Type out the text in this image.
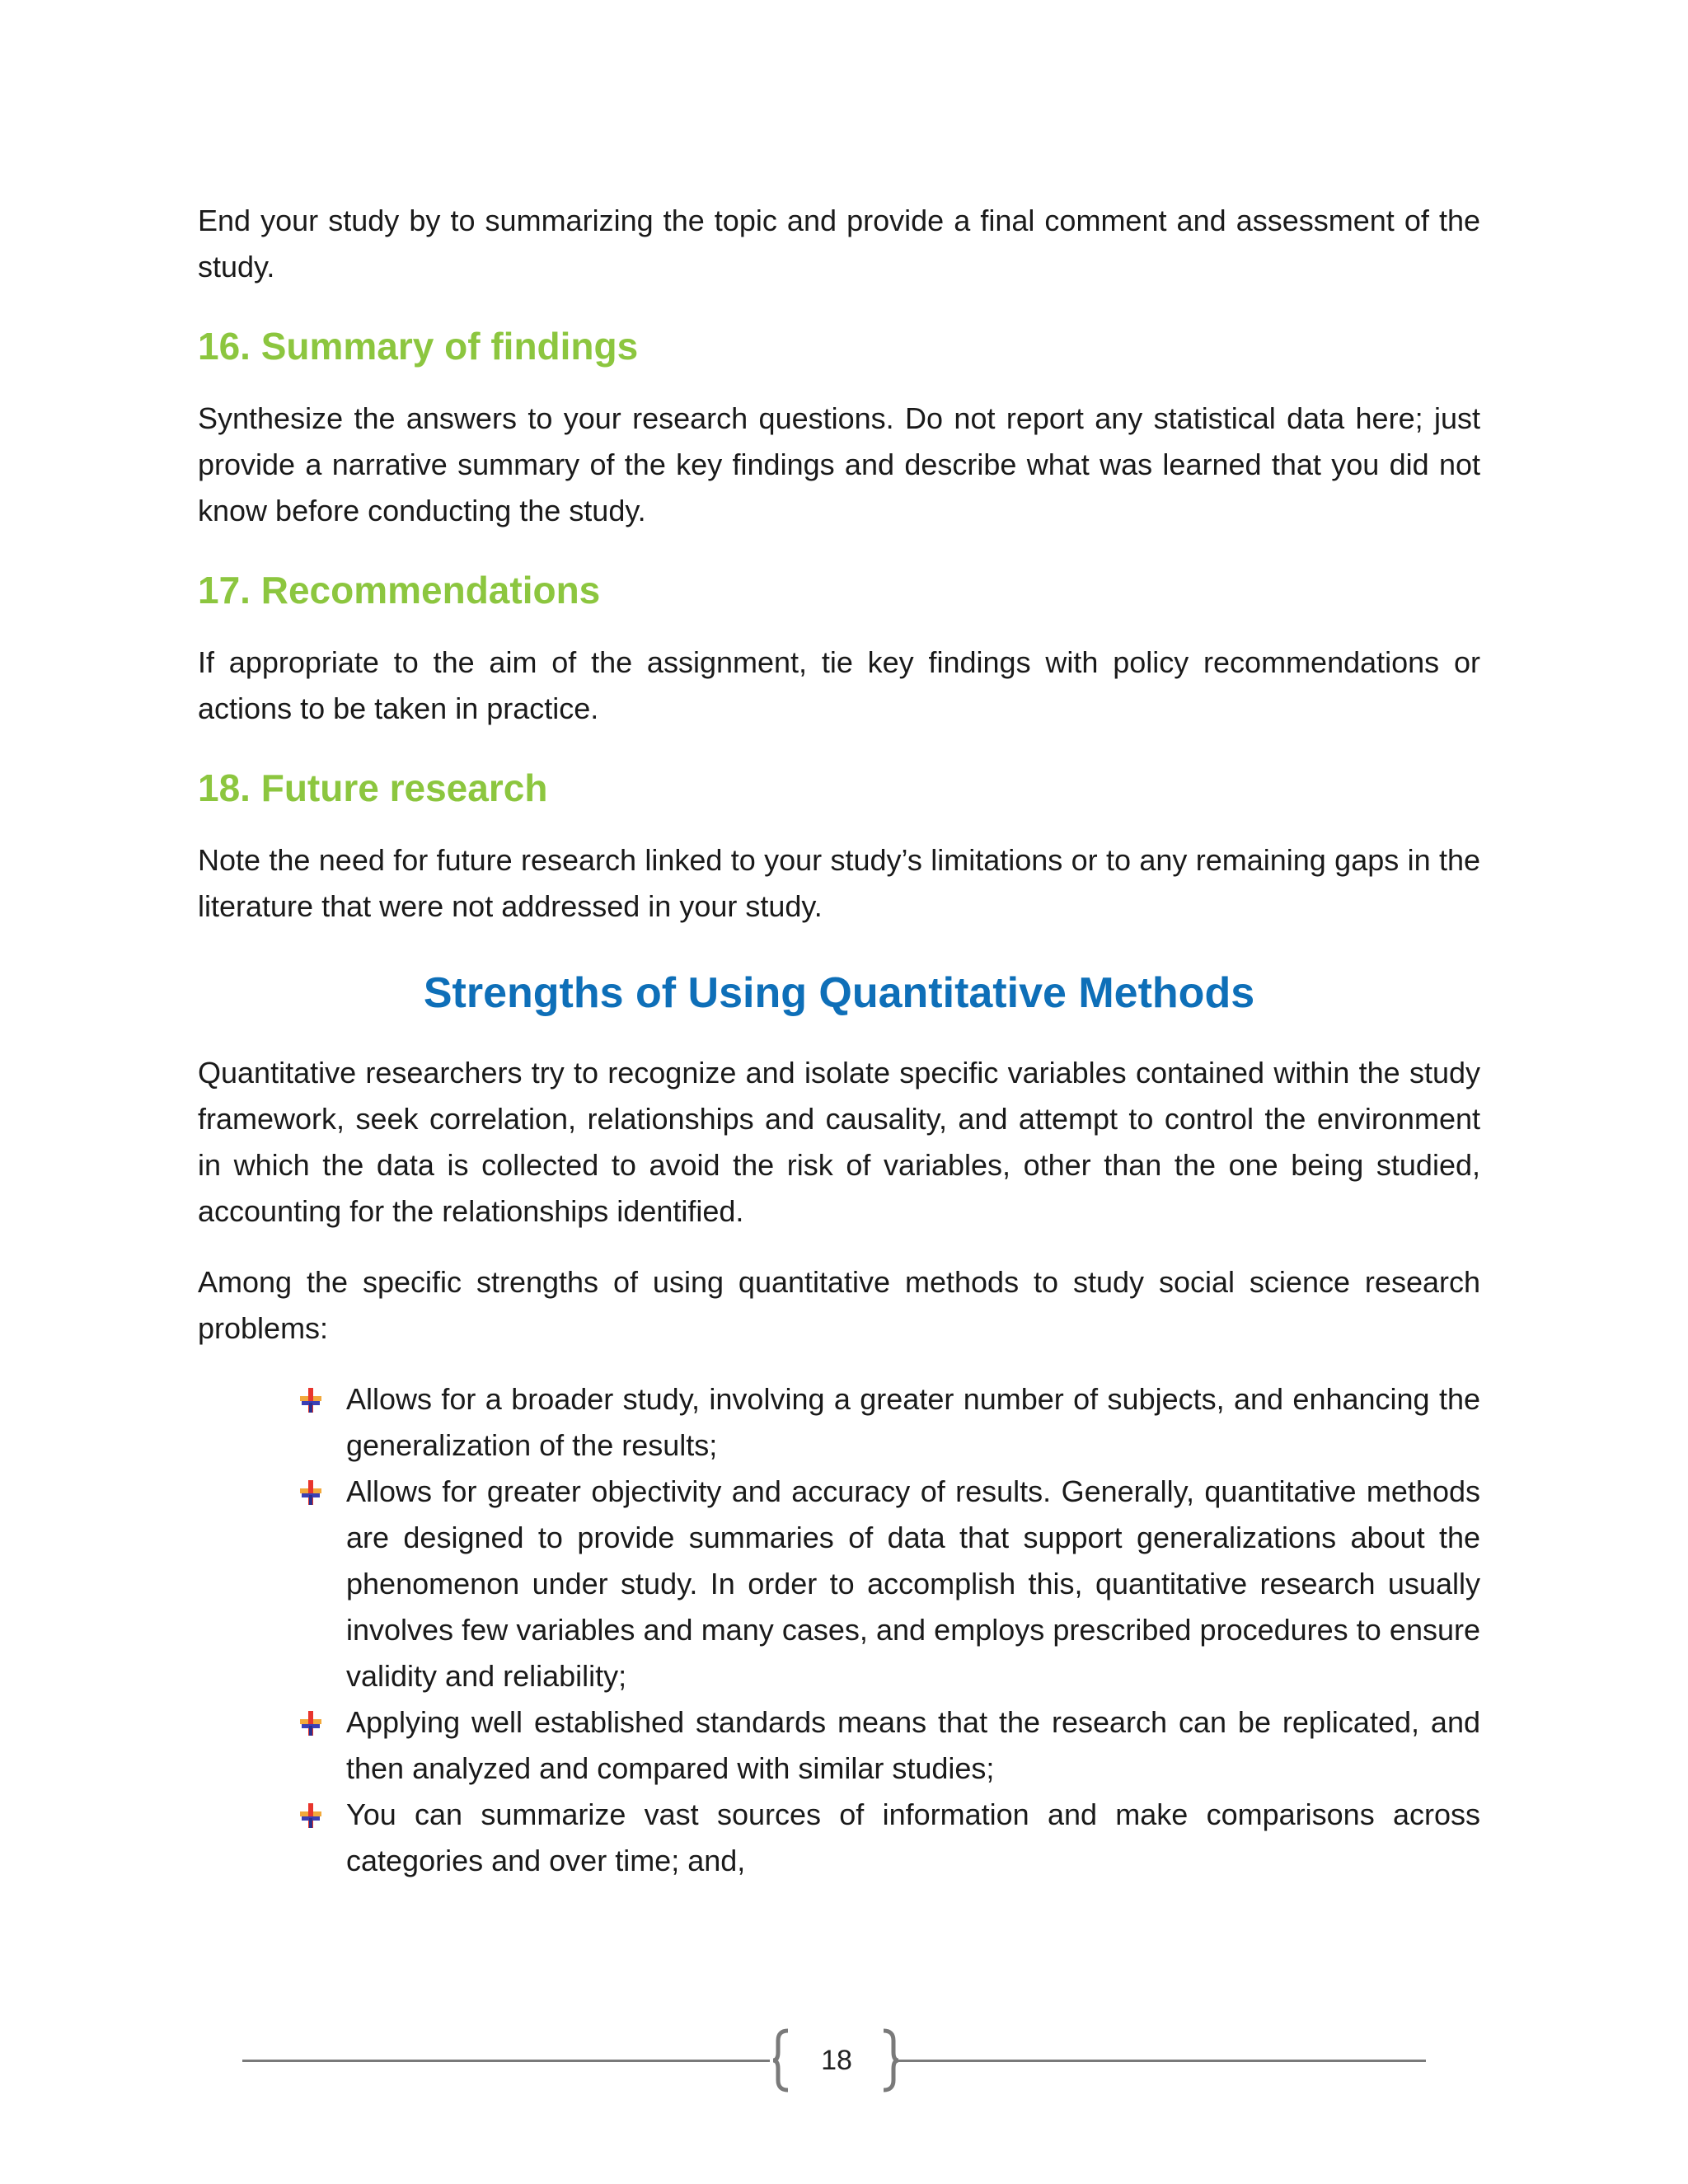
End your study by to summarizing the topic and provide a final comment and assessment of the study.

16. Summary of findings

Synthesize the answers to your research questions. Do not report any statistical data here; just provide a narrative summary of the key findings and describe what was learned that you did not know before conducting the study.

17. Recommendations

If appropriate to the aim of the assignment, tie key findings with policy recommendations or actions to be taken in practice.

18. Future research

Note the need for future research linked to your study’s limitations or to any remaining gaps in the literature that were not addressed in your study.

Strengths of Using Quantitative Methods

Quantitative researchers try to recognize and isolate specific variables contained within the study framework, seek correlation, relationships and causality, and attempt to control the environment in which the data is collected to avoid the risk of variables, other than the one being studied, accounting for the relationships identified.

Among the specific strengths of using quantitative methods to study social science research problems:

Allows for a broader study, involving a greater number of subjects, and enhancing the generalization of the results;
Allows for greater objectivity and accuracy of results. Generally, quantitative methods are designed to provide summaries of data that support generalizations about the phenomenon under study. In order to accomplish this, quantitative research usually involves few variables and many cases, and employs prescribed procedures to ensure validity and reliability;
Applying well established standards means that the research can be replicated, and then analyzed and compared with similar studies;
You can summarize vast sources of information and make comparisons across categories and over time; and,
18
